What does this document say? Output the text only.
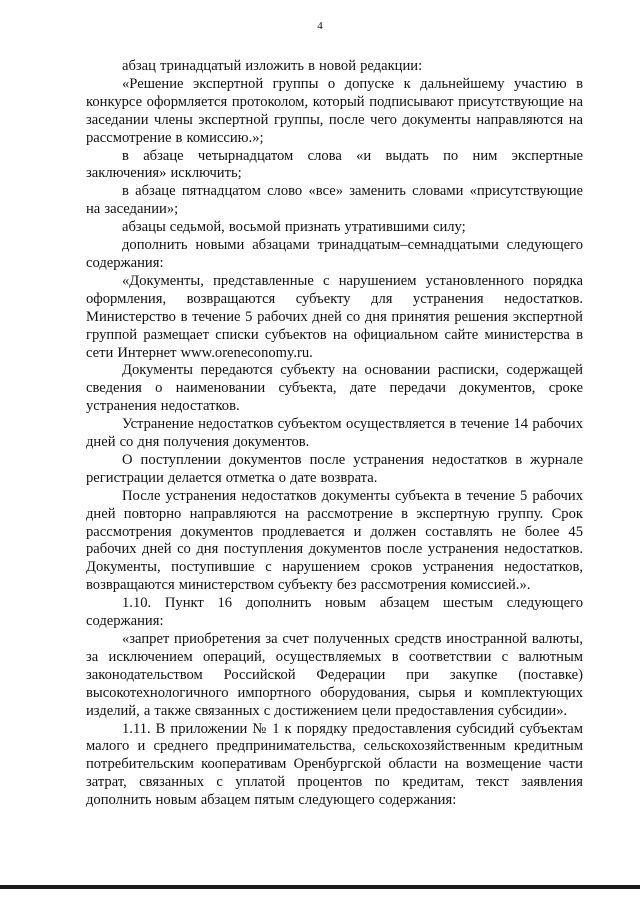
4

абзац тринадцатый изложить в новой редакции:

«Решение экспертной группы о допуске к дальнейшему участию в конкурсе оформляется протоколом, который подписывают присутствующие на заседании члены экспертной группы, после чего документы направляются на рассмотрение в комиссию.»;

в абзаце четырнадцатом слова «и выдать по ним экспертные заключения» исключить;

в абзаце пятнадцатом слово «все» заменить словами «присутствующие на заседании»;

абзацы седьмой, восьмой признать утратившими силу;

дополнить новыми абзацами тринадцатым–семнадцатыми следующего содержания:

«Документы, представленные с нарушением установленного порядка оформления, возвращаются субъекту для устранения недостатков. Министерство в течение 5 рабочих дней со дня принятия решения экспертной группой размещает списки субъектов на официальном сайте министерства в сети Интернет www.oreneconomy.ru.

Документы передаются субъекту на основании расписки, содержащей сведения о наименовании субъекта, дате передачи документов, сроке устранения недостатков.

Устранение недостатков субъектом осуществляется в течение 14 рабочих дней со дня получения документов.

О поступлении документов после устранения недостатков в журнале регистрации делается отметка о дате возврата.

После устранения недостатков документы субъекта в течение 5 рабочих дней повторно направляются на рассмотрение в экспертную группу. Срок рассмотрения документов продлевается и должен составлять не более 45 рабочих дней со дня поступления документов после устранения недостатков. Документы, поступившие с нарушением сроков устранения недостатков, возвращаются министерством субъекту без рассмотрения комиссией.».

1.10. Пункт 16 дополнить новым абзацем шестым следующего содержания:

«запрет приобретения за счет полученных средств иностранной валюты, за исключением операций, осуществляемых в соответствии с валютным законодательством Российской Федерации при закупке (поставке) высокотехнологичного импортного оборудования, сырья и комплектующих изделий, а также связанных с достижением цели предоставления субсидии».

1.11. В приложении № 1 к порядку предоставления субсидий субъектам малого и среднего предпринимательства, сельскохозяйственным кредитным потребительским кооперативам Оренбургской области на возмещение части затрат, связанных с уплатой процентов по кредитам, текст заявления дополнить новым абзацем пятым следующего содержания:
